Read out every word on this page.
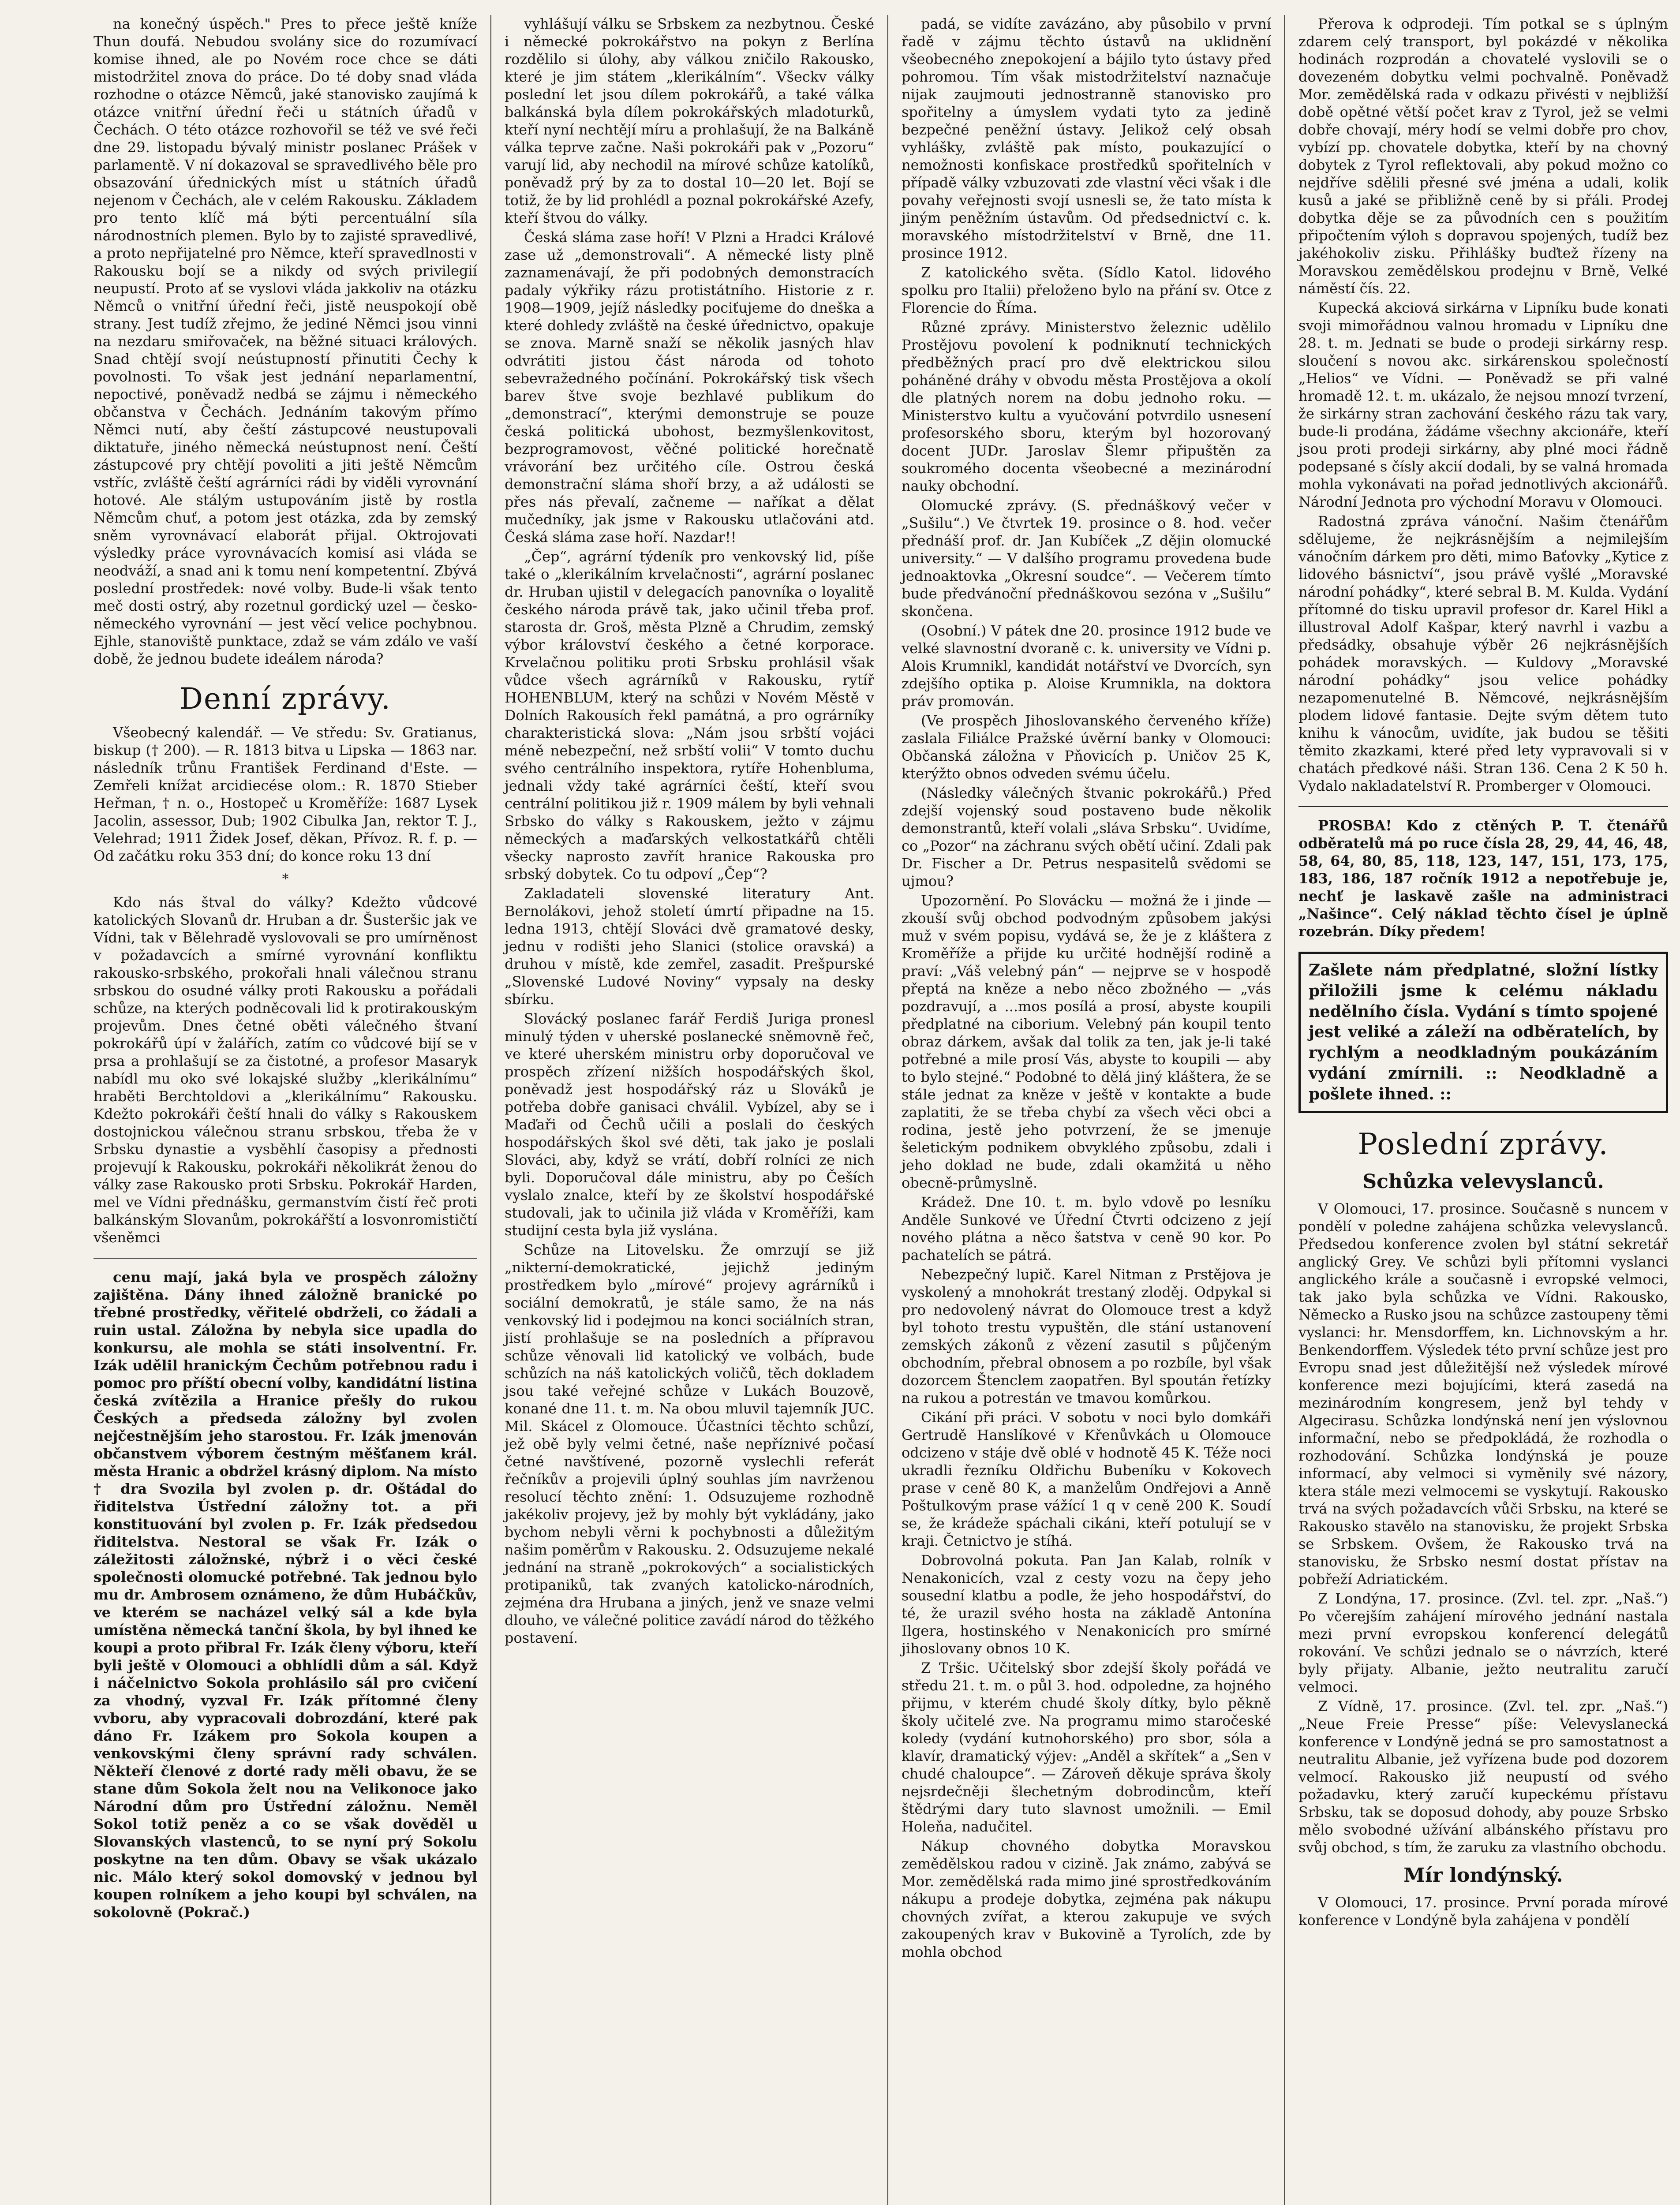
na konečný úspěch." Pres to přece ještě kníže Thun doufá. Nebudou svolány sice do rozumívací komise ihned, ale po Novém roce chce se dáti mistodržitel znova do práce. Do té doby snad vláda rozhodne o otázce Němců, jaké stanovisko zaujímá k otázce vnitřní úřední řeči u státních úřadů v Čechách. O této otázce rozhovořil se též ve své řeči dne 29. listopadu bývalý ministr poslanec Prášek v parlamentě. V ní dokazoval se spravedlivého běle pro obsazování úřednických míst u státních úřadů nejenom v Čechách, ale v celém Rakousku. Základem pro tento klíč má býti percentuální síla národnostních plemen. Bylo by to zajisté spravedlivé, a proto nepřijatelné pro Němce, kteří spravedlnosti v Rakousku bojí se a nikdy od svých privilegií neupustí. Proto ať se vyslovi vláda jakkoliv na otázku Němců o vnitřní úřední řeči, jistě neuspokojí obě strany. Jest tudíž zřejmo, že jediné Němci jsou vinni na nezdaru smiřovaček, na běžné situaci králových. Snad chtějí svojí neústupností přinutiti Čechy k povolnosti. To však jest jednání neparlamentní, nepoctivé, poněvadž nedbá se zájmu i německého občanstva v Čechách. Jednáním takovým přímo Němci nutí, aby čeští zástupcové neustupovali diktatuře, jiného německá neústupnost není. Čeští zástupcové pry chtějí povoliti a jiti ještě Němcům vstříc, zvláště čeští agrárníci rádi by viděli vyrovnání hotové. Ale stálým ustupováním jistě by rostla Němcům chuť, a potom jest otázka, zda by zemský sněm vyrovnávací elaborát přijal. Oktrojovati výsledky práce vyrovnávacích komisí asi vláda se neodváží, a snad ani k tomu není kompetentní. Zbývá poslední prostředek: nové volby. Bude-li však tento meč dosti ostrý, aby rozetnul gordický uzel — česko-německého vyrovnání — jest věcí velice pochybnou. Ejhle, stanoviště punktace, zdaž se vám zdálo ve vaší době, že jednou budete ideálem národa?

Denní zprávy.

Všeobecný kalendář. — Ve středu: Sv. Gratianus, biskup († 200). — R. 1813 bitva u Lipska — 1863 nar. následník trůnu František Ferdinand d'Este. — Zemřeli knížat arcidiecése olom.: R. 1870 Stieber Heřman, † n. o., Hostopeč u Kroměříže: 1687 Lysek Jacolin, assessor, Dub; 1902 Cibulka Jan, rektor T. J., Velehrad; 1911 Židek Josef, děkan, Přívoz. R. f. p. — Od začátku roku 353 dní; do konce roku 13 dní

*

Kdo nás štval do války? Kdežto vůdcové katolických Slovanů dr. Hruban a dr. Šusteršic jak ve Vídni, tak v Bělehradě vyslovovali se pro umírněnost v požadavcích a smírné vyrovnání konfliktu rakousko-srbského, prokořali hnali válečnou stranu srbskou do osudné války proti Rakousku a pořádali schůze, na kterých podněcovali lid k protirakouským projevům. Dnes četné oběti válečného štvaní pokrokářů úpí v žalářích, zatím co vůdcové bijí se v prsa a prohlašují se za čistotné, a profesor Masaryk nabídl mu oko své lokajské služby „klerikálnímu“ hraběti Berchtoldovi a „klerikálnímu“ Rakousku. Kdežto pokrokáři čeští hnali do války s Rakouskem dostojnickou válečnou stranu srbskou, třeba že v Srbsku dynastie a vysběhlí časopisy a přednosti projevují k Rakousku, pokrokáři několikrát ženou do války zase Rakousko proti Srbsku. Pokrokář Harden, mel ve Vídni přednášku, germanstvím čistí řeč proti balkánským Slovanům, pokrokářští a losvonromističtí všeněmci

cenu mají, jaká byla ve prospěch záložny zajištěna. Dány ihned záložně branické po třebné prostředky, věřitelé obdrželi, co žádali a ruin ustal. Záložna by nebyla sice upadla do konkursu, ale mohla se státi insolventní. Fr. Izák udělil hranickým Čechům potřebnou radu i pomoc pro příští obecní volby, kandidátní listina česká zvítězila a Hranice přešly do rukou Českých a předseda záložny byl zvolen nejčestnějším jeho starostou. Fr. Izák jmenován občanstvem výborem čestným měšťanem král. města Hranic a obdržel krásný diplom. Na místo † dra Svozila byl zvolen p. dr. Oštádal do řiditelstva Ústřední záložny tot. a při konstituování byl zvolen p. Fr. Izák předsedou řiditelstva. Nestoral se však Fr. Izák o záležitosti záložnské, nýbrž i o věci české společnosti olomucké potřebné. Tak jednou bylo mu dr. Ambrosem oznámeno, že dům Hubáčkův, ve kterém se nacházel velký sál a kde byla umístěna německá tanční škola, by byl ihned ke koupi a proto přibral Fr. Izák členy výboru, kteří byli ještě v Olomouci a obhlídli dům a sál. Když i náčelnictvo Sokola prohlásilo sál pro cvičení za vhodný, vyzval Fr. Izák přítomné členy vvboru, aby vypracovali dobrozdání, které pak dáno Fr. Izákem pro Sokola koupen a venkovskými členy správní rady schválen. Někteří členové z dorté rady měli obavu, že se stane dům Sokola želt nou na Velikonoce jako Národní dům pro Ústřední záložnu. Neměl Sokol totiž peněz a co se však dověděl u Slovanských vlastenců, to se nyní prý Sokolu poskytne na ten dům. Obavy se však ukázalo nic. Málo který sokol domovský v jednou byl koupen rolníkem a jeho koupi byl schválen, na sokolovně (Pokrač.)

vyhlášují válku se Srbskem za nezbytnou. České i německé pokrokářstvo na pokyn z Berlína rozdělilo si úlohy, aby válkou zničilo Rakousko, které je jim státem „klerikálním“. Všeckv války poslední let jsou dílem pokrokářů, a také válka balkánská byla dílem pokrokářských mladoturků, kteří nyní nechtějí míru a prohlašují, že na Balkáně válka teprve začne. Naši pokrokáři pak v „Pozoru“ varují lid, aby nechodil na mírové schůze katolíků, poněvadž prý by za to dostal 10—20 let. Bojí se totiž, že by lid prohlédl a poznal pokrokářské Azefy, kteří štvou do války.

Česká sláma zase hoří! V Plzni a Hradci Králové zase už „demonstrovali“. A německé listy plně zaznamenávají, že při podobných demonstracích padaly výkřiky rázu protistátního. Historie z r. 1908—1909, jejíž následky pociťujeme do dneška a které dohledy zvláště na české úřednictvo, opakuje se znova. Marně snaží se několik jasných hlav odvrátiti jistou část národa od tohoto sebevražedného počínání. Pokrokářský tisk všech barev štve svoje bezhlavé publikum do „demonstrací“, kterými demonstruje se pouze česká politická ubohost, bezmyšlenkovitost, bezprogramovost, věčné politické horečnatě vrávorání bez určitého cíle. Ostrou česká demonstrační sláma shoří brzy, a až události se přes nás převalí, začneme — naříkat a dělat mučedníky, jak jsme v Rakousku utlačováni atd. Česká sláma zase hoří. Nazdar!!

„Čep“, agrární týdeník pro venkovský lid, píše také o „klerikálním krvelačnosti“, agrární poslanec dr. Hruban ujistil v delegacích panovníka o loyalitě českého národa právě tak, jako učinil třeba prof. starosta dr. Groš, města Plzně a Chrudim, zemský výbor království českého a četné korporace. Krvelačnou politiku proti Srbsku prohlásil však vůdce všech agrárníků v Rakousku, rytíř HOHENBLUM, který na schůzi v Novém Městě v Dolních Rakousích řekl památná, a pro ográrníky charakteristická slova: „Nám jsou srbští vojáci méně nebezpeční, než srbští volii“ V tomto duchu svého centrálního inspektora, rytíře Hohenbluma, jednali vždy také agrárníci čeští, kteří svou centrální politikou již r. 1909 málem by byli vehnali Srbsko do války s Rakouskem, ježto v zájmu německých a maďarských velkostatkářů chtěli všecky naprosto zavřít hranice Rakouska pro srbský dobytek. Co tu odpoví „Čep“?

Zakladateli slovenské literatury Ant. Bernolákovi, jehož století úmrtí připadne na 15. ledna 1913, chtějí Slováci dvě gramatové desky, jednu v rodišti jeho Slanici (stolice oravská) a druhou v místě, kde zemřel, zasadit. Prešpurské „Slovenské Ludové Noviny“ vypsaly na desky sbírku.

Slovácký poslanec farář Ferdiš Juriga pronesl minulý týden v uherské poslanecké sněmovně řeč, ve které uherském ministru orby doporučoval ve prospěch zřízení nižších hospodářských škol, poněvadž jest hospodářský ráz u Slováků je potřeba dobře ganisaci chválil. Vybízel, aby se i Maďaři od Čechů učili a poslali do českých hospodářských škol své děti, tak jako je poslali Slováci, aby, když se vrátí, dobří rolníci ze nich byli. Doporučoval dále ministru, aby po Češích vyslalo znalce, kteří by ze školství hospodářské studovali, jak to učinila již vláda v Kroměříži, kam studijní cesta byla již vyslána.

Schůze na Litovelsku. Že omrzují se již „nikterní-demokratické, jejichž jediným prostředkem bylo „mírové“ projevy agrárníků i sociální demokratů, je stále samo, že na nás venkovský lid i podejmou na konci sociálních stran, jistí prohlašuje se na posledních a přípravou schůze věnovali lid katolický ve volbách, bude schůzích na náš katolických voličů, těch dokladem jsou také veřejné schůze v Lukách Bouzově, konané dne 11. t. m. Na obou mluvil tajemník JUC. Mil. Skácel z Olomouce. Účastníci těchto schůzí, jež obě byly velmi četné, naše nepříznivé počasí četné navštívené, pozorně vyslechli referát řečníkův a projevili úplný souhlas jím navrženou resolucí těchto znění: 1. Odsuzujeme rozhodně jakékoliv projevy, jež by mohly být vykládány, jako bychom nebyli věrni k pochybnosti a důležitým našim poměrům v Rakousku. 2. Odsuzujeme nekalé jednání na straně „pokrokových“ a socialistických protipaniků, tak zvaných katolicko-národních, zejména dra Hrubana a jiných, jenž ve snaze velmi dlouho, ve válečné politice zavádí národ do těžkého postavení.

padá, se vidíte zavázáno, aby působilo v první řadě v zájmu těchto ústavů na uklidnění všeobecného znepokojení a bájilo tyto ústavy před pohromou. Tím však mistodržitelství naznačuje nijak zaujmouti jednostranně stanovisko pro spořitelny a úmyslem vydati tyto za jedině bezpečné peněžní ústavy. Jelikož celý obsah vyhlášky, zvláště pak místo, poukazující o nemožnosti konfiskace prostředků spořitelních v případě války vzbuzovati zde vlastní věci však i dle povahy veřejnosti svojí usnesli se, že tato místa k jiným peněžním ústavům. Od předsednictví c. k. moravského místodržitelství v Brně, dne 11. prosince 1912.

Z katolického světa. (Sídlo Katol. lidového spolku pro Italii) přeloženo bylo na přání sv. Otce z Florencie do Říma.

Různé zprávy. Ministerstvo železnic udělilo Prostějovu povolení k podniknutí technických předběžných prací pro dvě elektrickou silou poháněné dráhy v obvodu města Prostějova a okolí dle platných norem na dobu jednoho roku. — Ministerstvo kultu a vyučování potvrdilo usnesení profesorského sboru, kterým byl hozorovaný docent JUDr. Jaroslav Šlemr připuštěn za soukromého docenta všeobecné a mezinárodní nauky obchodní.

Olomucké zprávy. (S. přednáškový večer v „Sušilu“.) Ve čtvrtek 19. prosince o 8. hod. večer přednáší prof. dr. Jan Kubíček „Z dějin olomucké university.“ — V dalšího programu provedena bude jednoaktovka „Okresní soudce“. — Večerem tímto bude předvánoční přednáškovou sezóna v „Sušilu“ skončena.

(Osobní.) V pátek dne 20. prosince 1912 bude ve velké slavnostní dvoraně c. k. university ve Vídni p. Alois Krumnikl, kandidát notářství ve Dvorcích, syn zdejšího optika p. Aloise Krumnikla, na doktora práv promován.

(Ve prospěch Jihoslovanského červeného kříže) zaslala Filiálce Pražské úvěrní banky v Olomouci: Občanská záložna v Pňovicích p. Uničov 25 K, kterýžto obnos odveden svému účelu.

(Následky válečných štvanic pokrokářů.) Před zdejší vojenský soud postaveno bude několik demonstrantů, kteří volali „sláva Srbsku“. Uvidíme, co „Pozor“ na záchranu svých obětí učiní. Zdali pak Dr. Fischer a Dr. Petrus nespasitelů svědomi se ujmou?

Upozornění. Po Slovácku — možná že i jinde — zkouší svůj obchod podvodným způsobem jakýsi muž v svém popisu, vydává se, že je z kláštera z Kroměříže a přijde ku určité hodnější rodině a praví: „Váš velebný pán“ — nejprve se v hospodě přeptá na kněze a nebo něco zbožného — „vás pozdravují, a ...mos posílá a prosí, abyste koupili předplatné na ciborium. Velebný pán koupil tento obraz dárkem, avšak dal tolik za ten, jak je-li také potřebné a mile prosí Vás, abyste to koupili — aby to bylo stejné.“ Podobné to dělá jiný kláštera, že se stále jednat za kněze v ještě v kontakte a bude zaplatiti, že se třeba chybí za všech věci obci a rodina, jestě jeho potvrzení, že se jmenuje šeletickým podnikem obvyklého způsobu, zdali i jeho doklad ne bude, zdali okamžitá u něho obecně-průmyslně.

Krádež. Dne 10. t. m. bylo vdově po lesníku Anděle Sunkové ve Úřední Čtvrti odcizeno z její nového plátna a něco šatstva v ceně 90 kor. Po pachatelích se pátrá.

Nebezpečný lupič. Karel Nitman z Prstějova je vyskolený a mnohokrát trestaný zloděj. Odpykal si pro nedovolený návrat do Olomouce trest a když byl tohoto trestu vypuštěn, dle stání ustanovení zemských zákonů z vězení zasutil s půjčeným obchodním, přebral obnosem a po rozbíle, byl však dozorcem Štenclem zaopatřen. Byl spoután řetízky na rukou a potrestán ve tmavou komůrkou.

Cikání při práci. V sobotu v noci bylo domkáři Gertrudě Hanslíkové v Křenůvkách u Olomouce odcizeno v stáje dvě oblé v hodnotě 45 K. Téže noci ukradli řezníku Oldřichu Bubeníku v Kokovech prase v ceně 80 K, a manželům Ondřejovi a Anně Poštulkovým prase vážící 1 q v ceně 200 K. Soudí se, že krádeže spáchali cikáni, kteří potulují se v kraji. Četnictvo je stíhá.

Dobrovolná pokuta. Pan Jan Kalab, rolník v Nenakonicích, vzal z cesty vozu na čepy jeho sousední klatbu a podle, že jeho hospodářství, do té, že urazil svého hosta na základě Antonína Ilgera, hostinského v Nenakonicích pro smírné jihoslovany obnos 10 K.

Z Tršic. Učitelský sbor zdejší školy pořádá ve středu 21. t. m. o půl 3. hod. odpoledne, za hojného přijmu, v kterém chudé školy dítky, bylo pěkně školy učitelé zve. Na programu mimo staročeské koledy (vydání kutnohorského) pro sbor, sóla a klavír, dramatický výjev: „Anděl a skřítek“ a „Sen v chudé chaloupce“. — Zároveň děkuje správa školy nejsrdečněji šlechetným dobrodincům, kteří štědrými dary tuto slavnost umožnili. — Emil Holeňa, nadučitel.

Nákup chovného dobytka Moravskou zemědělskou radou v cizině. Jak známo, zabývá se Mor. zemědělská rada mimo jiné sprostředkováním nákupu a prodeje dobytka, zejména pak nákupu chovných zvířat, a kterou zakupuje ve svých zakoupených krav v Bukovině a Tyrolích, zde by mohla obchod

Přerova k odprodeji. Tím potkal se s úplným zdarem celý transport, byl pokázdé v několika hodinách rozprodán a chovatelé vyslovili se o dovezeném dobytku velmi pochvalně. Poněvadž Mor. zemědělská rada v odkazu přivésti v nejbližší době opětné větší počet krav z Tyrol, jež se velmi dobře chovají, méry hodí se velmi dobře pro chov, vybízí pp. chovatele dobytka, kteří by na chovný dobytek z Tyrol reflektovali, aby pokud možno co nejdříve sdělili přesné své jména a udali, kolik kusů a jaké se přibližně ceně by si přáli. Prodej dobytka děje se za původních cen s použitím připočtením výloh s dopravou spojených, tudíž bez jakéhokoliv zisku. Přihlášky buďtež řízeny na Moravskou zemědělskou prodejnu v Brně, Velké náměstí čís. 22.

Kupecká akciová sirkárna v Lipníku bude konati svoji mimořádnou valnou hromadu v Lipníku dne 28. t. m. Jednati se bude o prodeji sirkárny resp. sloučení s novou akc. sirkárenskou společností „Helios“ ve Vídni. — Poněvadž se při valné hromadě 12. t. m. ukázalo, že nejsou mnozí tvrzení, že sirkárny stran zachování českého rázu tak vary, bude-li prodána, žádáme všechny akcionáře, kteří jsou proti prodeji sirkárny, aby plné moci řádně podepsané s čísly akcií dodali, by se valná hromada mohla vykonávati na pořad jednotlivých akcionářů. Národní Jednota pro východní Moravu v Olomouci.

Radostná zpráva vánoční. Našim čtenářům sdělujeme, že nejkrásnějším a nejmilejším vánočním dárkem pro děti, mimo Baťovky „Kytice z lidového básnictví“, jsou právě vyšlé „Moravské národní pohádky“, které sebral B. M. Kulda. Vydání přítomné do tisku upravil profesor dr. Karel Hikl a illustroval Adolf Kašpar, který navrhl i vazbu a předsádky, obsahuje výběr 26 nejkrásnějších pohádek moravských. — Kuldovy „Moravské národní pohádky“ jsou velice pohádky nezapomenutelné B. Němcové, nejkrásnějším plodem lidové fantasie. Dejte svým dětem tuto knihu k vánocům, uvidíte, jak budou se těšiti těmito zkazkami, které před lety vypravovali si v chatách předkové náši. Stran 136. Cena 2 K 50 h. Vydalo nakladatelství R. Promberger v Olomouci.

PROSBA! Kdo z ctěných P. T. čtenářů odběratelů má po ruce čísla 28, 29, 44, 46, 48, 58, 64, 80, 85, 118, 123, 147, 151, 173, 175, 183, 186, 187 ročník 1912 a nepotřebuje je, nechť je laskavě zašle na administraci „Našince“. Celý náklad těchto čísel je úplně rozebrán. Díky předem!

Zašlete nám předplatné, složní lístky přiložili jsme k celému nákladu nedělního čísla. Vydání s tímto spojené jest veliké a záleží na odběratelích, by rychlým a neodkladným poukázáním vydání zmírnili. :: Neodkladně a pošlete ihned. ::
Poslední zprávy.
Schůzka velevyslanců.

V Olomouci, 17. prosince. Současně s nuncem v pondělí v poledne zahájena schůzka velevyslanců. Předsedou konference zvolen byl státní sekretář anglický Grey. Ve schůzi byli přítomni vyslanci anglického krále a současně i evropské velmoci, tak jako byla schůzka ve Vídni. Rakousko, Německo a Rusko jsou na schůzce zastoupeny těmi vyslanci: hr. Mensdorffem, kn. Lichnovským a hr. Benkendorffem. Výsledek této první schůze jest pro Evropu snad jest důležitější než výsledek mírové konference mezi bojujícími, která zasedá na mezinárodním kongresem, jenž byl tehdy v Algecirasu. Schůzka londýnská není jen výslovnou informační, nebo se předpokládá, že rozhodla o rozhodování. Schůzka londýnská je pouze informací, aby velmoci si vyměnily své názory, ktera stále mezi velmocemi se vyskytují. Rakousko trvá na svých požadavcích vůči Srbsku, na které se Rakousko stavělo na stanovisku, že projekt Srbska se Srbskem. Ovšem, že Rakousko trvá na stanovisku, že Srbsko nesmí dostat přístav na pobřeží Adriatickém.

Z Londýna, 17. prosince. (Zvl. tel. zpr. „Naš.“) Po včerejším zahájení mírového jednání nastala mezi první evropskou konferencí delegátů rokování. Ve schůzi jednalo se o návrzích, které byly přijaty. Albanie, ježto neutralitu zaručí velmoci.

Z Vídně, 17. prosince. (Zvl. tel. zpr. „Naš.“) „Neue Freie Presse“ píše: Velevyslanecká konference v Londýně jedná se pro samostatnost a neutralitu Albanie, jež vyřízena bude pod dozorem velmocí. Rakousko již neupustí od svého požadavku, který zaručí kupeckému přístavu Srbsku, tak se doposud dohody, aby pouze Srbsko mělo svobodné užívání albánského přístavu pro svůj obchod, s tím, že zaruku za vlastního obchodu.

Mír londýnský.

V Olomouci, 17. prosince. První porada mírové konference v Londýně byla zahájena v pondělí
